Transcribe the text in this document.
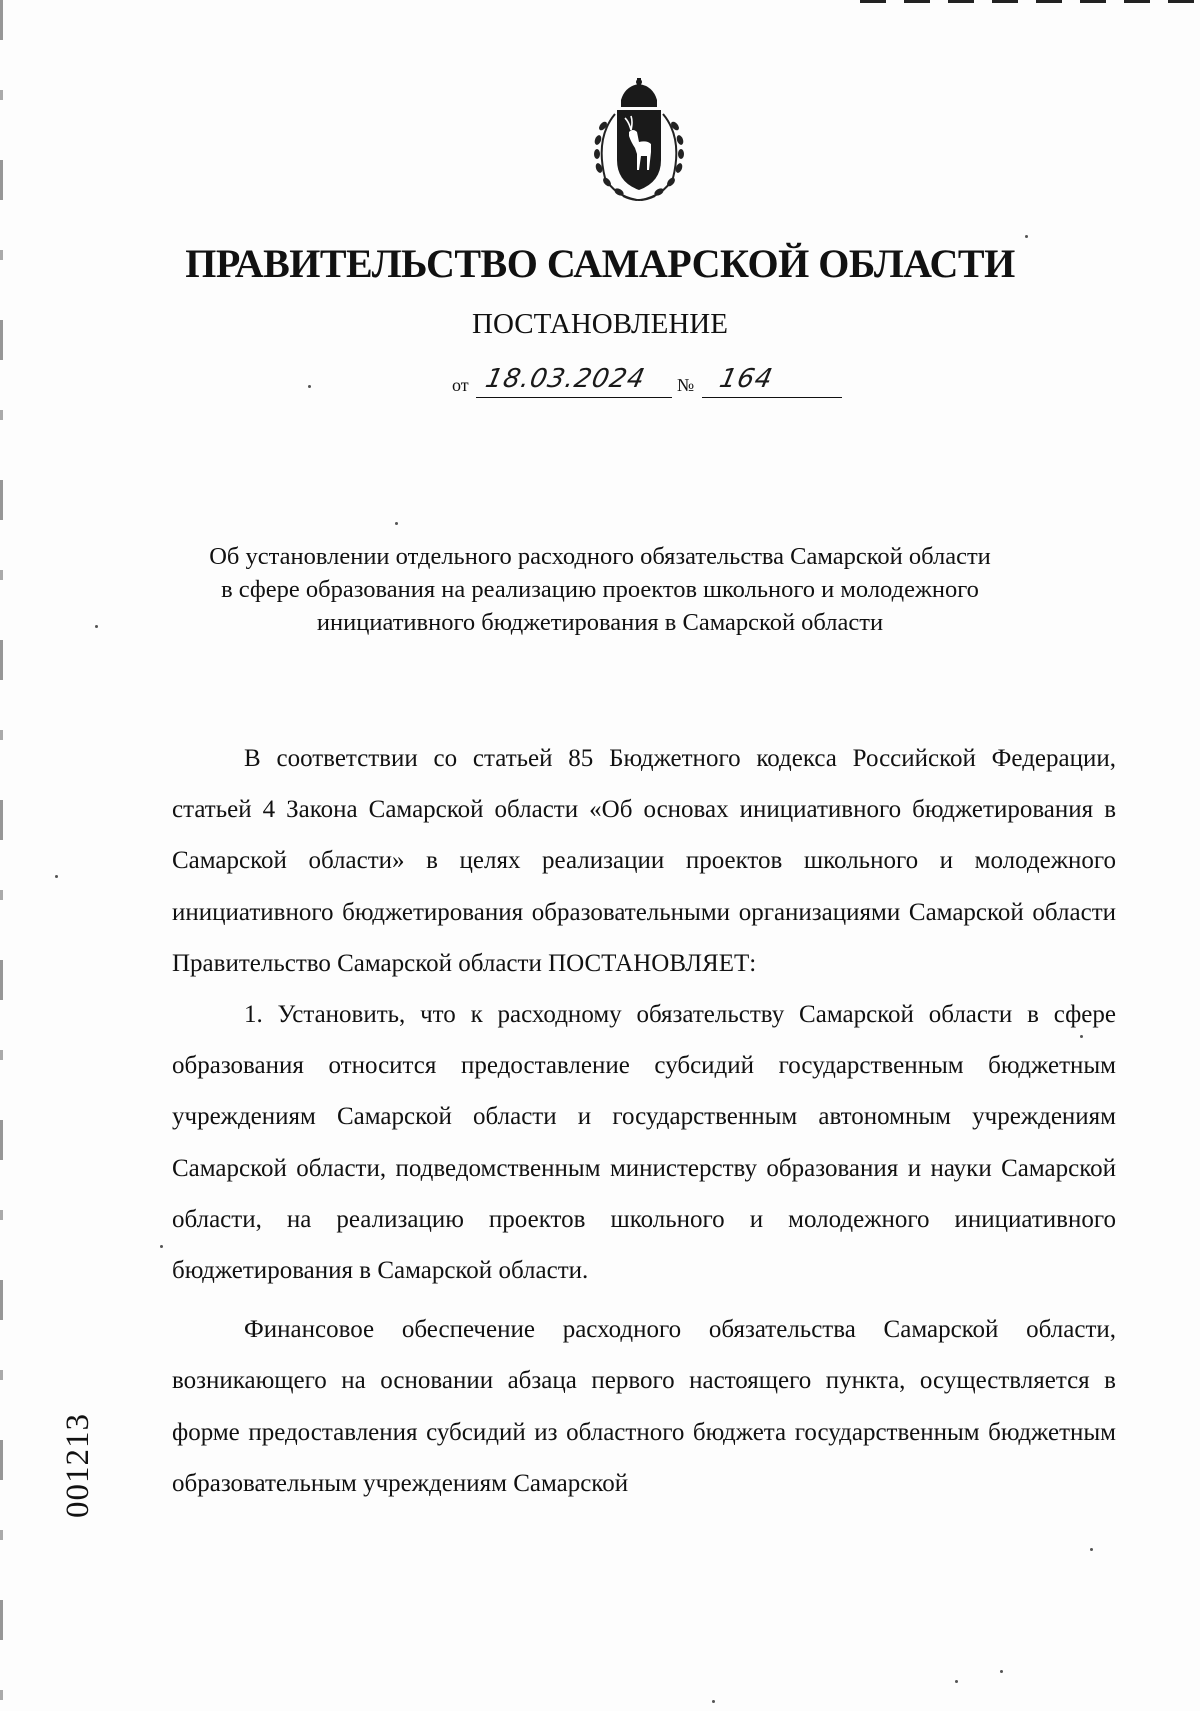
ПРАВИТЕЛЬСТВО САМАРСКОЙ ОБЛАСТИ
ПОСТАНОВЛЕНИЕ
от 18.03.2024 № 164
Об установлении отдельного расходного обязательства Самарской области
в сфере образования на реализацию проектов школьного и молодежного
инициативного бюджетирования в Самарской области

В соответствии со статьей 85 Бюджетного кодекса Российской Федерации, статьей 4 Закона Самарской области «Об основах инициативного бюджетирования в Самарской области» в целях реализации проектов школьного и молодежного инициативного бюджетирования образовательными организациями Самарской области Правительство Самарской области ПОСТАНОВЛЯЕТ:

1. Установить, что к расходному обязательству Самарской области в сфере образования относится предоставление субсидий государственным бюджетным учреждениям Самарской области и государственным автономным учреждениям Самарской области, подведомственным министерству образования и науки Самарской области, на реализацию проектов школьного и молодежного инициативного бюджетирования в Самарской области.

Финансовое обеспечение расходного обязательства Самарской области, возникающего на основании абзаца первого настоящего пункта, осуществляется в форме предоставления субсидий из областного бюджета государственным бюджетным образовательным учреждениям Самарской

001213
